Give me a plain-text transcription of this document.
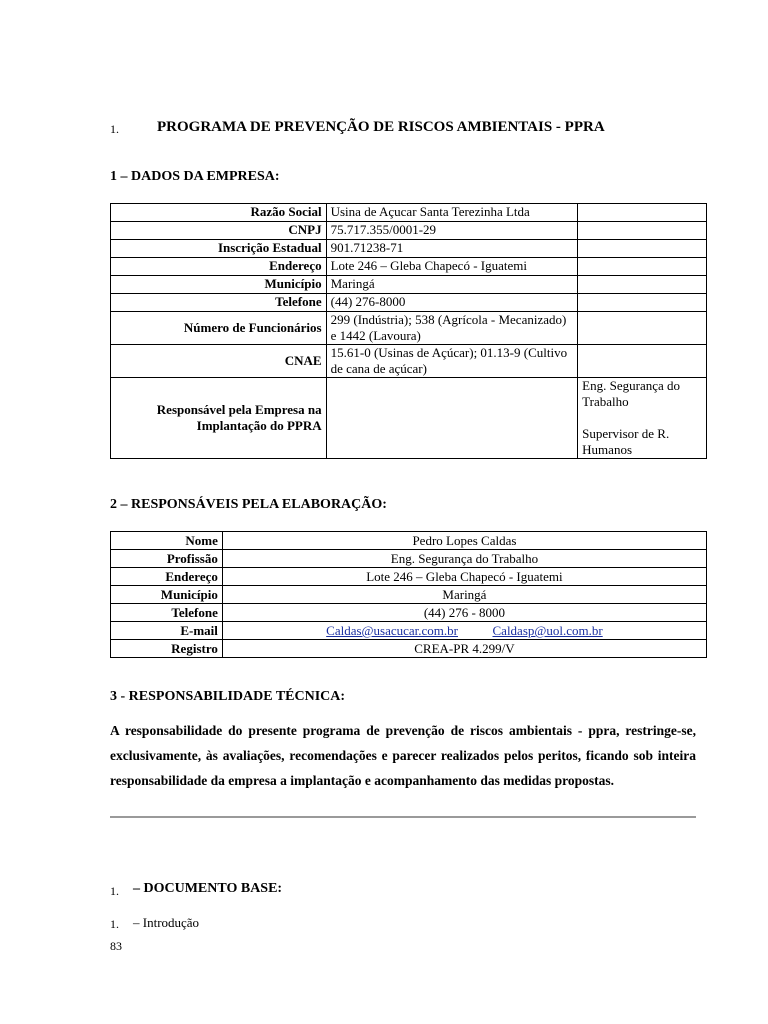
1.	PROGRAMA DE PREVENÇÃO DE RISCOS AMBIENTAIS - PPRA
1 – DADOS DA EMPRESA:
Razão Social	Usina de Açucar Santa Terezinha Ltda	
CNPJ	75.717.355/0001-29	
Inscrição Estadual	901.71238-71	
Endereço	Lote 246 – Gleba Chapecó - Iguatemi	
Município	Maringá	
Telefone	(44) 276-8000	
Número de Funcionários	299 (Indústria); 538 (Agrícola - Mecanizado) e 1442 (Lavoura)	
CNAE	15.61-0 (Usinas de Açúcar); 01.13-9 (Cultivo de cana de açúcar)	
Responsável pela Empresa na Implantação do PPRA		Eng. Segurança do Trabalho
Supervisor de R. Humanos
2 – RESPONSÁVEIS PELA ELABORAÇÃO:
Nome	Pedro Lopes Caldas
Profissão	Eng. Segurança do Trabalho
Endereço	Lote 246 – Gleba Chapecó - Iguatemi
Município	Maringá
Telefone	(44) 276 - 8000
E-mail	Caldas@usacucar.com.br Caldasp@uol.com.br
Registro	CREA-PR 4.299/V
3 - RESPONSABILIDADE TÉCNICA:
A responsabilidade do presente programa de prevenção de riscos ambientais - ppra, restringe-se, exclusivamente, às avaliações, recomendações e parecer realizados pelos peritos, ficando sob inteira responsabilidade da empresa a implantação e acompanhamento das medidas propostas.
1. – DOCUMENTO BASE:
1. – Introdução
83
